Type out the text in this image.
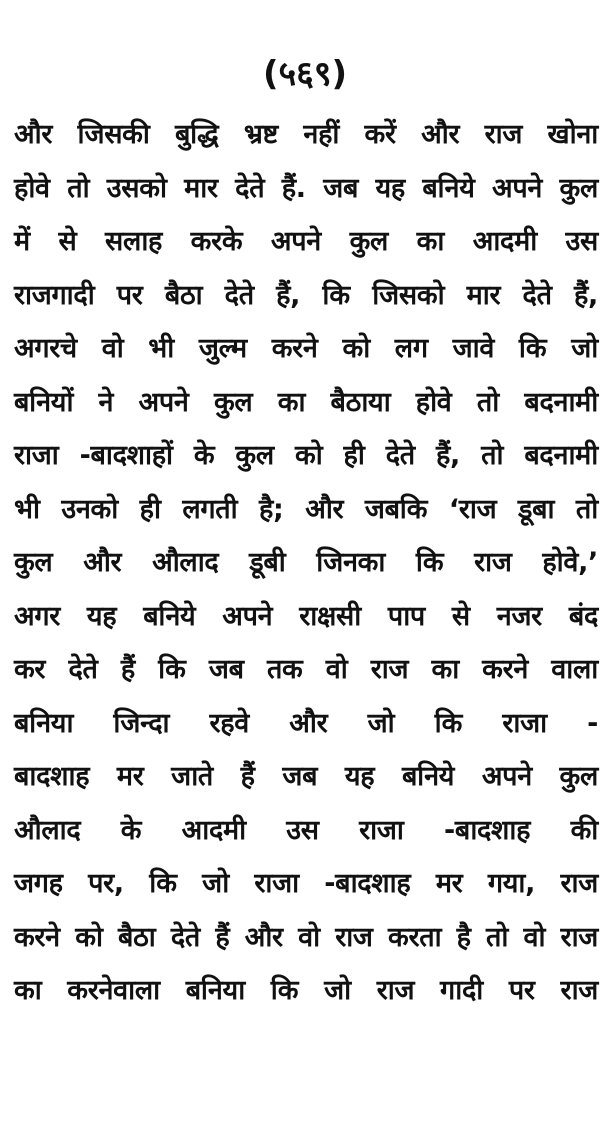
(५६९)
और जिसकी बुद्धि भ्रष्ट नहीं करें और राज खोना
होवे तो उसको मार देते हैं. जब यह बनिये अपने कुल
में से सलाह करके अपने कुल का आदमी उस
राजगादी पर बैठा देते हैं, कि जिसको मार देते हैं,
अगरचे वो भी जुल्म करने को लग जावे कि जो
बनियों ने अपने कुल का बैठाया होवे तो बदनामी
राजा -बादशाहों के कुल को ही देते हैं, तो बदनामी
भी उनको ही लगती है; और जबकि ‘राज डूबा तो
कुल और औलाद डूबी जिनका कि राज होवे,’
अगर यह बनिये अपने राक्षसी पाप से नजर बंद
कर देते हैं कि जब तक वो राज का करने वाला
बनिया जिन्दा रहवे और जो कि राजा -
बादशाह मर जाते हैं जब यह बनिये अपने कुल
औलाद के आदमी उस राजा -बादशाह की
जगह पर, कि जो राजा -बादशाह मर गया, राज
करने को बैठा देते हैं और वो राज करता है तो वो राज
का करनेवाला बनिया कि जो राज गादी पर राज
